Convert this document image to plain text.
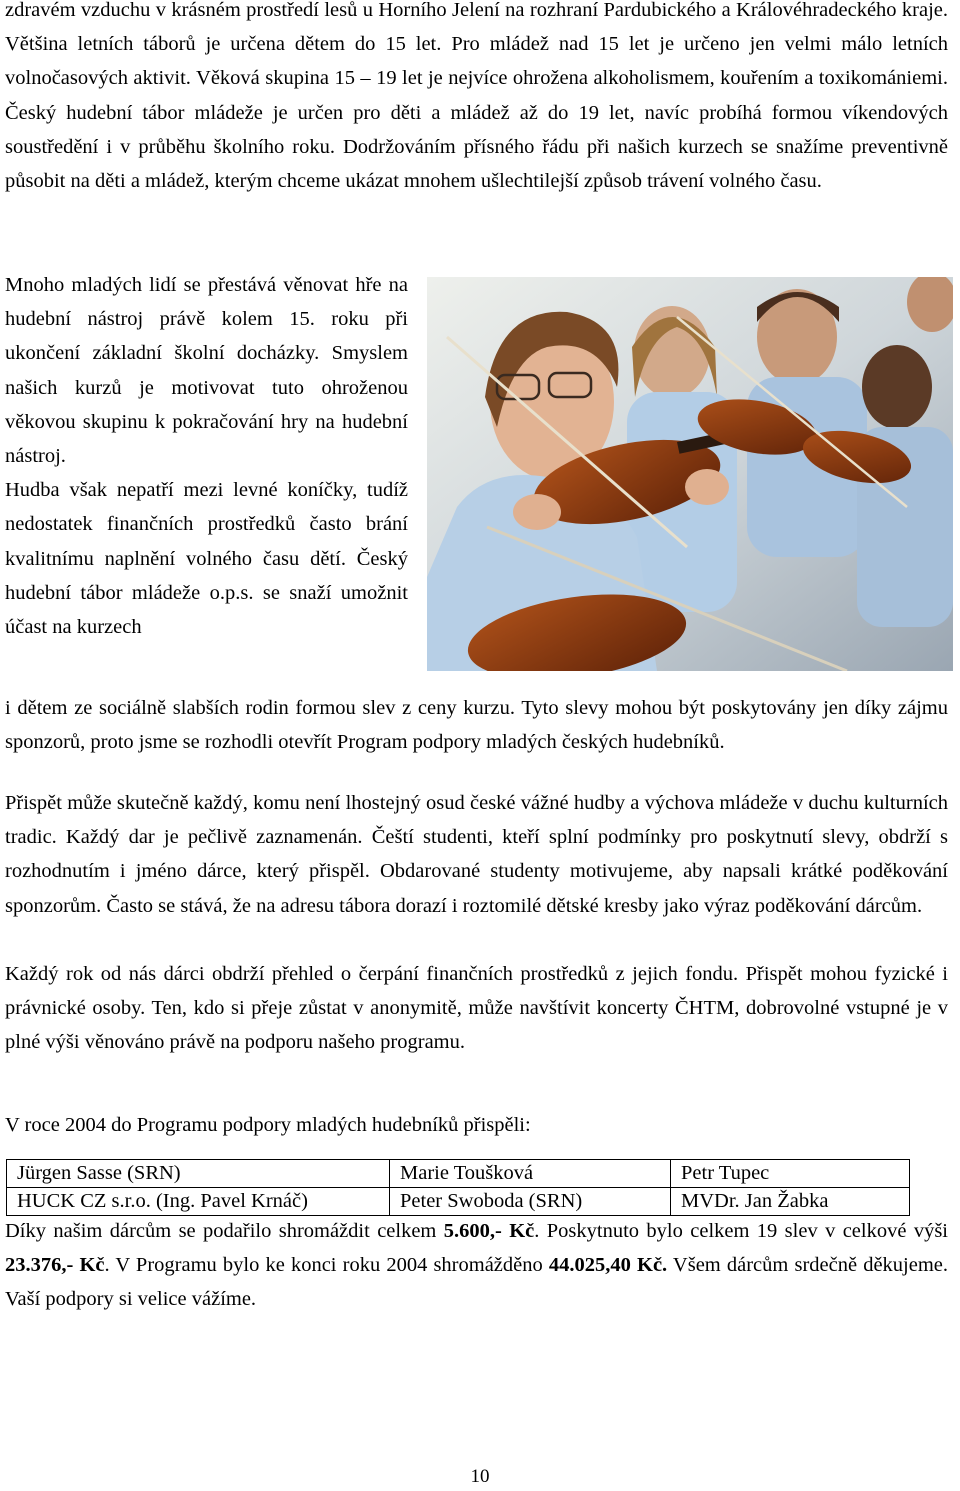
zdravém vzduchu v krásném prostředí lesů u Horního Jelení na rozhraní Pardubického a Královéhradeckého kraje. Většina letních táborů je určena dětem do 15 let. Pro mládež nad 15 let je určeno jen velmi málo letních volnočasových aktivit. Věková skupina 15 – 19 let je nejvíce ohrožena alkoholismem, kouřením a toxikomániemi. Český hudební tábor mládeže je určen pro děti a mládež až do 19 let, navíc probíhá formou víkendových soustředění i v průběhu školního roku. Dodržováním přísného řádu při našich kurzech se snažíme preventivně působit na děti a mládež, kterým chceme ukázat mnohem ušlechtilejší způsob trávení volného času.

Mnoho mladých lidí se přestává věnovat hře na hudební nástroj právě kolem 15. roku při ukončení základní školní docházky. Smyslem našich kurzů je motivovat tuto ohroženou věkovou skupinu k pokračování hry na hudební nástroj.
Hudba však nepatří mezi levné koníčky, tudíž nedostatek finančních prostředků často brání kvalitnímu naplnění volného času dětí. Český hudební tábor mládeže o.p.s. se snaží umožnit účast na kurzech

i dětem ze sociálně slabších rodin formou slev z ceny kurzu. Tyto slevy mohou být poskytovány jen díky zájmu sponzorů, proto jsme se rozhodli otevřít Program podpory mladých českých hudebníků.

Přispět může skutečně každý, komu není lhostejný osud české vážné hudby a výchova mládeže v duchu kulturních tradic. Každý dar je pečlivě zaznamenán. Čeští studenti, kteří splní podmínky pro poskytnutí slevy, obdrží s rozhodnutím i jméno dárce, který přispěl. Obdarované studenty motivujeme, aby napsali krátké poděkování sponzorům. Často se stává, že na adresu tábora dorazí i roztomilé dětské kresby jako výraz poděkování dárcům.

Každý rok od nás dárci obdrží přehled o čerpání finančních prostředků z jejich fondu. Přispět mohou fyzické i právnické osoby. Ten, kdo si přeje zůstat v anonymitě, může navštívit koncerty ČHTM, dobrovolné vstupné je v plné výši věnováno právě na podporu našeho programu.

V roce 2004 do Programu podpory mladých hudebníků přispěli:

Jürgen Sasse (SRN)	Marie Toušková	Petr Tupec
HUCK CZ s.r.o. (Ing. Pavel Krnáč)	Peter Swoboda (SRN)	MVDr. Jan Žabka

Díky našim dárcům se podařilo shromáždit celkem 5.600,- Kč. Poskytnuto bylo celkem 19 slev v celkové výši 23.376,- Kč. V Programu bylo ke konci roku 2004 shromážděno 44.025,40 Kč. Všem dárcům srdečně děkujeme. Vaší podpory si velice vážíme.

10
